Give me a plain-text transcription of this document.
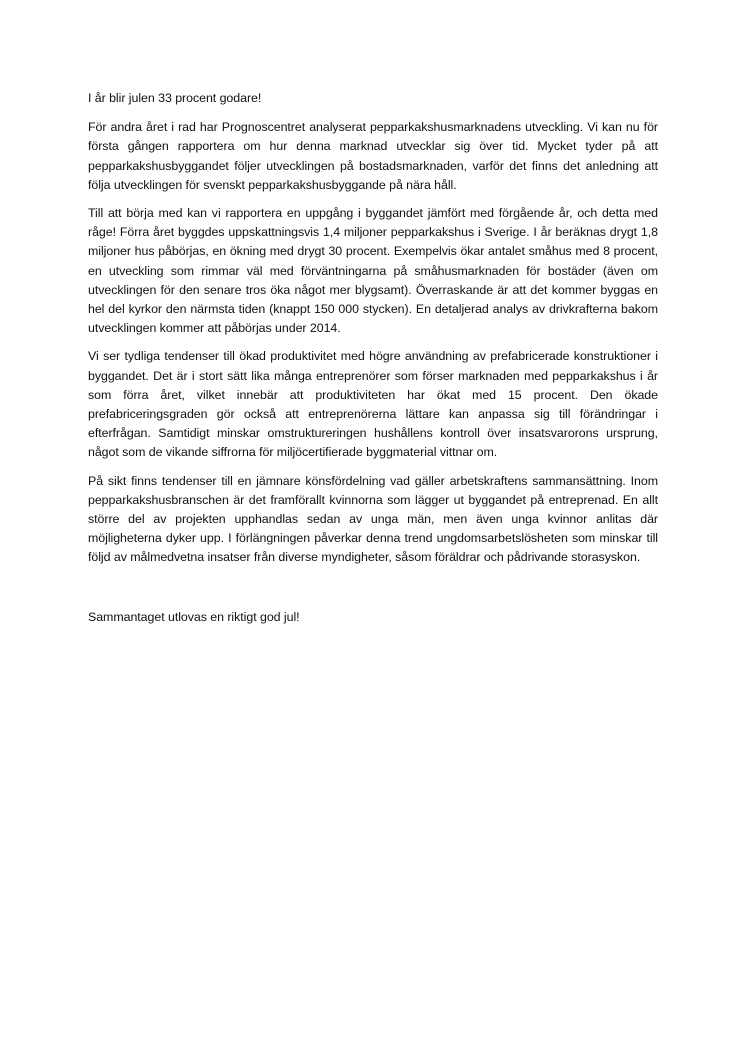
I år blir julen 33 procent godare!

För andra året i rad har Prognoscentret analyserat pepparkakshusmarknadens utveckling. Vi kan nu för första gången rapportera om hur denna marknad utvecklar sig över tid. Mycket tyder på att pepparkakshusbyggandet följer utvecklingen på bostadsmarknaden, varför det finns det anledning att följa utvecklingen för svenskt pepparkakshusbyggande på nära håll.

Till att börja med kan vi rapportera en uppgång i byggandet jämfört med förgående år, och detta med råge! Förra året byggdes uppskattningsvis 1,4 miljoner pepparkakshus i Sverige. I år beräknas drygt 1,8 miljoner hus påbörjas, en ökning med drygt 30 procent. Exempelvis ökar antalet småhus med 8 procent, en utveckling som rimmar väl med förväntningarna på småhusmarknaden för bostäder (även om utvecklingen för den senare tros öka något mer blygsamt). Överraskande är att det kommer byggas en hel del kyrkor den närmsta tiden (knappt 150 000 stycken). En detaljerad analys av drivkrafterna bakom utvecklingen kommer att påbörjas under 2014.

Vi ser tydliga tendenser till ökad produktivitet med högre användning av prefabricerade konstruktioner i byggandet. Det är i stort sätt lika många entreprenörer som förser marknaden med pepparkakshus i år som förra året, vilket innebär att produktiviteten har ökat med 15 procent. Den ökade prefabriceringsgraden gör också att entreprenörerna lättare kan anpassa sig till förändringar i efterfrågan. Samtidigt minskar omstruktureringen hushållens kontroll över insatsvarorons ursprung, något som de vikande siffrorna för miljöcertifierade byggmaterial vittnar om.

På sikt finns tendenser till en jämnare könsfördelning vad gäller arbetskraftens sammansättning. Inom pepparkakshusbranschen är det framförallt kvinnorna som lägger ut byggandet på entreprenad. En allt större del av projekten upphandlas sedan av unga män, men även unga kvinnor anlitas där möjligheterna dyker upp. I förlängningen påverkar denna trend ungdomsarbetslösheten som minskar till följd av målmedvetna insatser från diverse myndigheter, såsom föräldrar och pådrivande storasyskon.

Sammantaget utlovas en riktigt god jul!
